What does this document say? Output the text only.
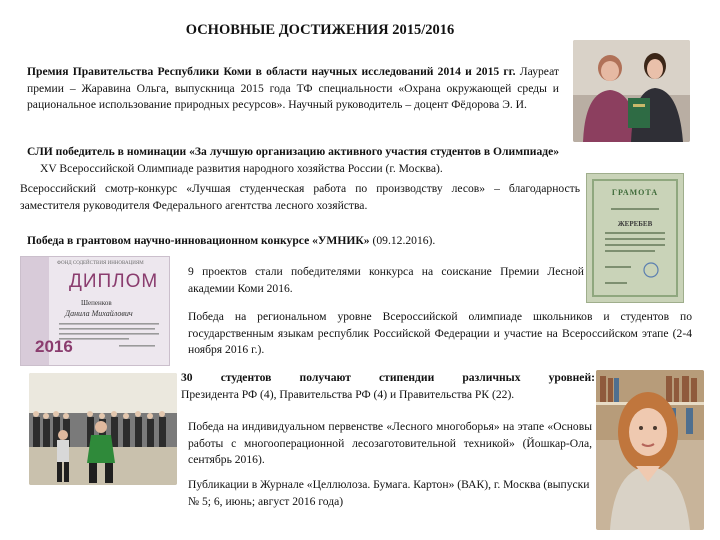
ОСНОВНЫЕ ДОСТИЖЕНИЯ 2015/2016
Премия Правительства Республики Коми в области научных исследований 2014 и 2015 гг. Лауреат премии – Жаравина Ольга, выпускница 2015 года ТФ специальности «Охрана окружающей среды и рациональное использование природных ресурсов». Научный руководитель – доцент Фёдорова Э. И.
СЛИ победитель в номинации «За лучшую организацию активного участия студентов в Олимпиаде»
XV Всероссийской Олимпиаде развития народного хозяйства России (г. Москва).
Всероссийский смотр-конкурс «Лучшая студенческая работа по производству лесов» – благодарность заместителя руководителя Федерального агентства лесного хозяйства.
ГРАМОТА
ЖЕРЕБЕВ
Победа в грантовом научно-инновационном конкурсе «УМНИК» (09.12.2016).
ФОНД СОДЕЙСТВИЯ ИННОВАЦИЯМ
ДИПЛОМ
Шепенков
Данила Михайлович
2016
9 проектов стали победителями конкурса на соискание Премии Лесной академии Коми 2016.
Победа на региональном уровне Всероссийской олимпиаде школьников и студентов по государственным языкам республик Российской Федерации и участие на Всероссийском этапе (2-4 ноября 2016 г.).
30 студентов получают стипендии различных уровней:
Президента РФ (4), Правительства РФ (4) и Правительства РК (22).
Победа на индивидуальном первенстве «Лесного многоборья» на этапе «Основы работы с многооперационной лесозаготовительной техникой» (Йошкар-Ола, сентябрь 2016).
Публикации в Журнале «Целлюлоза. Бумага. Картон» (ВАК), г. Москва (выпуски № 5; 6, июнь; август 2016 года)
